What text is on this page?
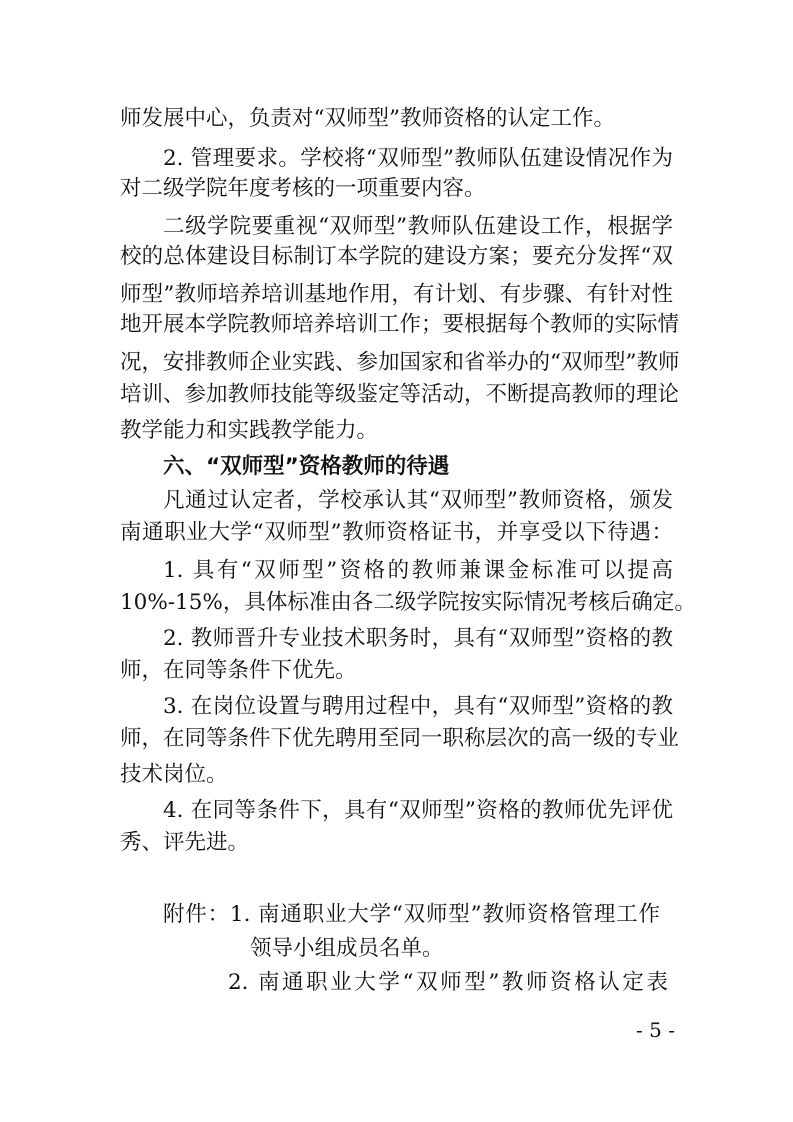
师发展中心，负责对“双师型”教师资格的认定工作。
2. 管理要求。学校将“双师型”教师队伍建设情况作为
对二级学院年度考核的一项重要内容。
二级学院要重视“双师型”教师队伍建设工作，根据学
校的总体建设目标制订本学院的建设方案；要充分发挥“双
师型”教师培养培训基地作用，有计划、有步骤、有针对性
地开展本学院教师培养培训工作；要根据每个教师的实际情
况，安排教师企业实践、参加国家和省举办的“双师型”教师
培训、参加教师技能等级鉴定等活动，不断提高教师的理论
教学能力和实践教学能力。
六、“双师型”资格教师的待遇
凡通过认定者，学校承认其“双师型”教师资格，颁发
南通职业大学“双师型”教师资格证书，并享受以下待遇：
1. 具有“双师型”资格的教师兼课金标准可以提高
10%-15%，具体标准由各二级学院按实际情况考核后确定。
2. 教师晋升专业技术职务时，具有“双师型”资格的教
师，在同等条件下优先。
3. 在岗位设置与聘用过程中，具有“双师型”资格的教
师，在同等条件下优先聘用至同一职称层次的高一级的专业
技术岗位。
4. 在同等条件下，具有“双师型”资格的教师优先评优
秀、评先进。
附件：1. 南通职业大学“双师型”教师资格管理工作
领导小组成员名单。
2. 南通职业大学“双师型”教师资格认定表
- 5 -
